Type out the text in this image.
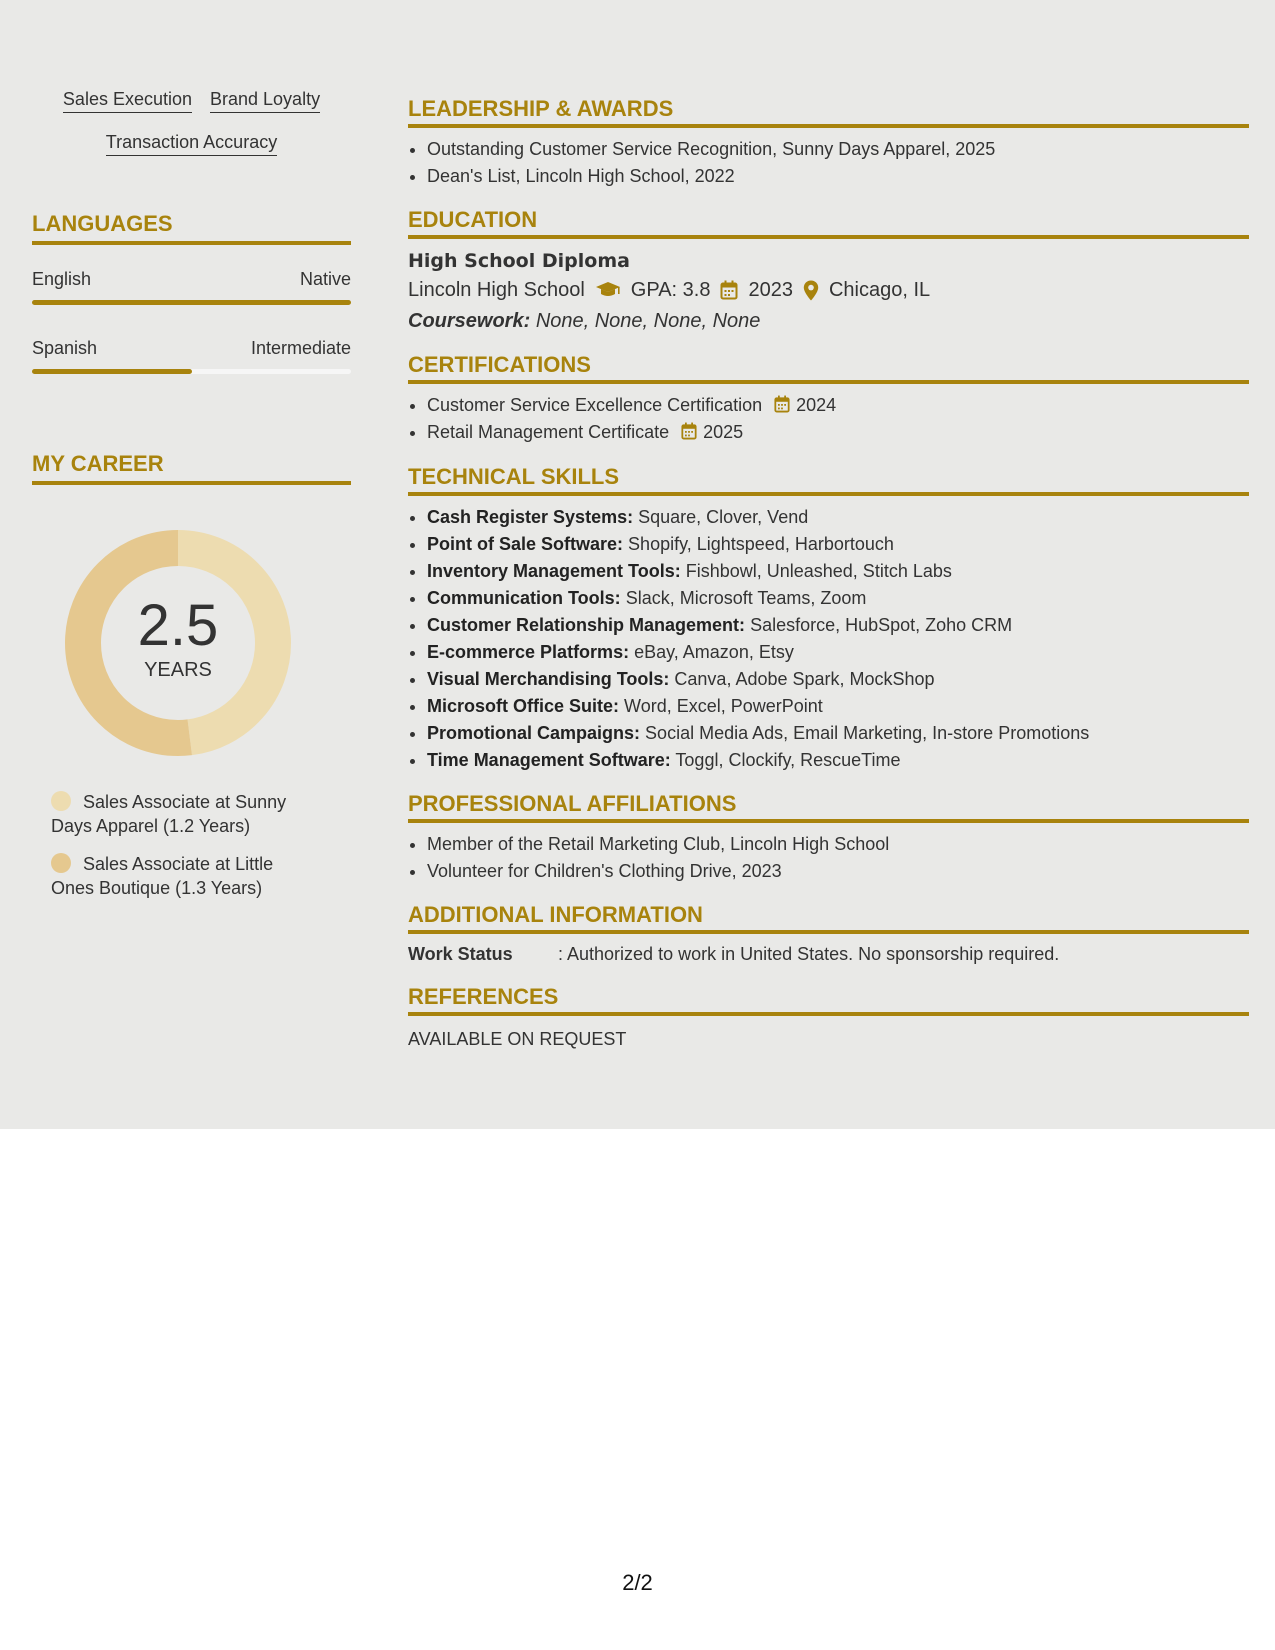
Sales Execution Brand Loyalty
Transaction Accuracy
LANGUAGES
English	Native
Spanish	Intermediate
MY CAREER
2.5
YEARS
Sales Associate at Sunny Days Apparel (1.2 Years)
Sales Associate at Little Ones Boutique (1.3 Years)
LEADERSHIP & AWARDS
• Outstanding Customer Service Recognition, Sunny Days Apparel, 2025
• Dean's List, Lincoln High School, 2022
EDUCATION
High School Diploma
Lincoln High School GPA: 3.8 2023 Chicago, IL
Coursework: None, None, None, None
CERTIFICATIONS
• Customer Service Excellence Certification 2024
• Retail Management Certificate 2025
TECHNICAL SKILLS
• Cash Register Systems: Square, Clover, Vend
• Point of Sale Software: Shopify, Lightspeed, Harbortouch
• Inventory Management Tools: Fishbowl, Unleashed, Stitch Labs
• Communication Tools: Slack, Microsoft Teams, Zoom
• Customer Relationship Management: Salesforce, HubSpot, Zoho CRM
• E-commerce Platforms: eBay, Amazon, Etsy
• Visual Merchandising Tools: Canva, Adobe Spark, MockShop
• Microsoft Office Suite: Word, Excel, PowerPoint
• Promotional Campaigns: Social Media Ads, Email Marketing, In-store Promotions
• Time Management Software: Toggl, Clockify, RescueTime
PROFESSIONAL AFFILIATIONS
• Member of the Retail Marketing Club, Lincoln High School
• Volunteer for Children's Clothing Drive, 2023
ADDITIONAL INFORMATION
Work Status	: Authorized to work in United States. No sponsorship required.
REFERENCES
AVAILABLE ON REQUEST
2/2
